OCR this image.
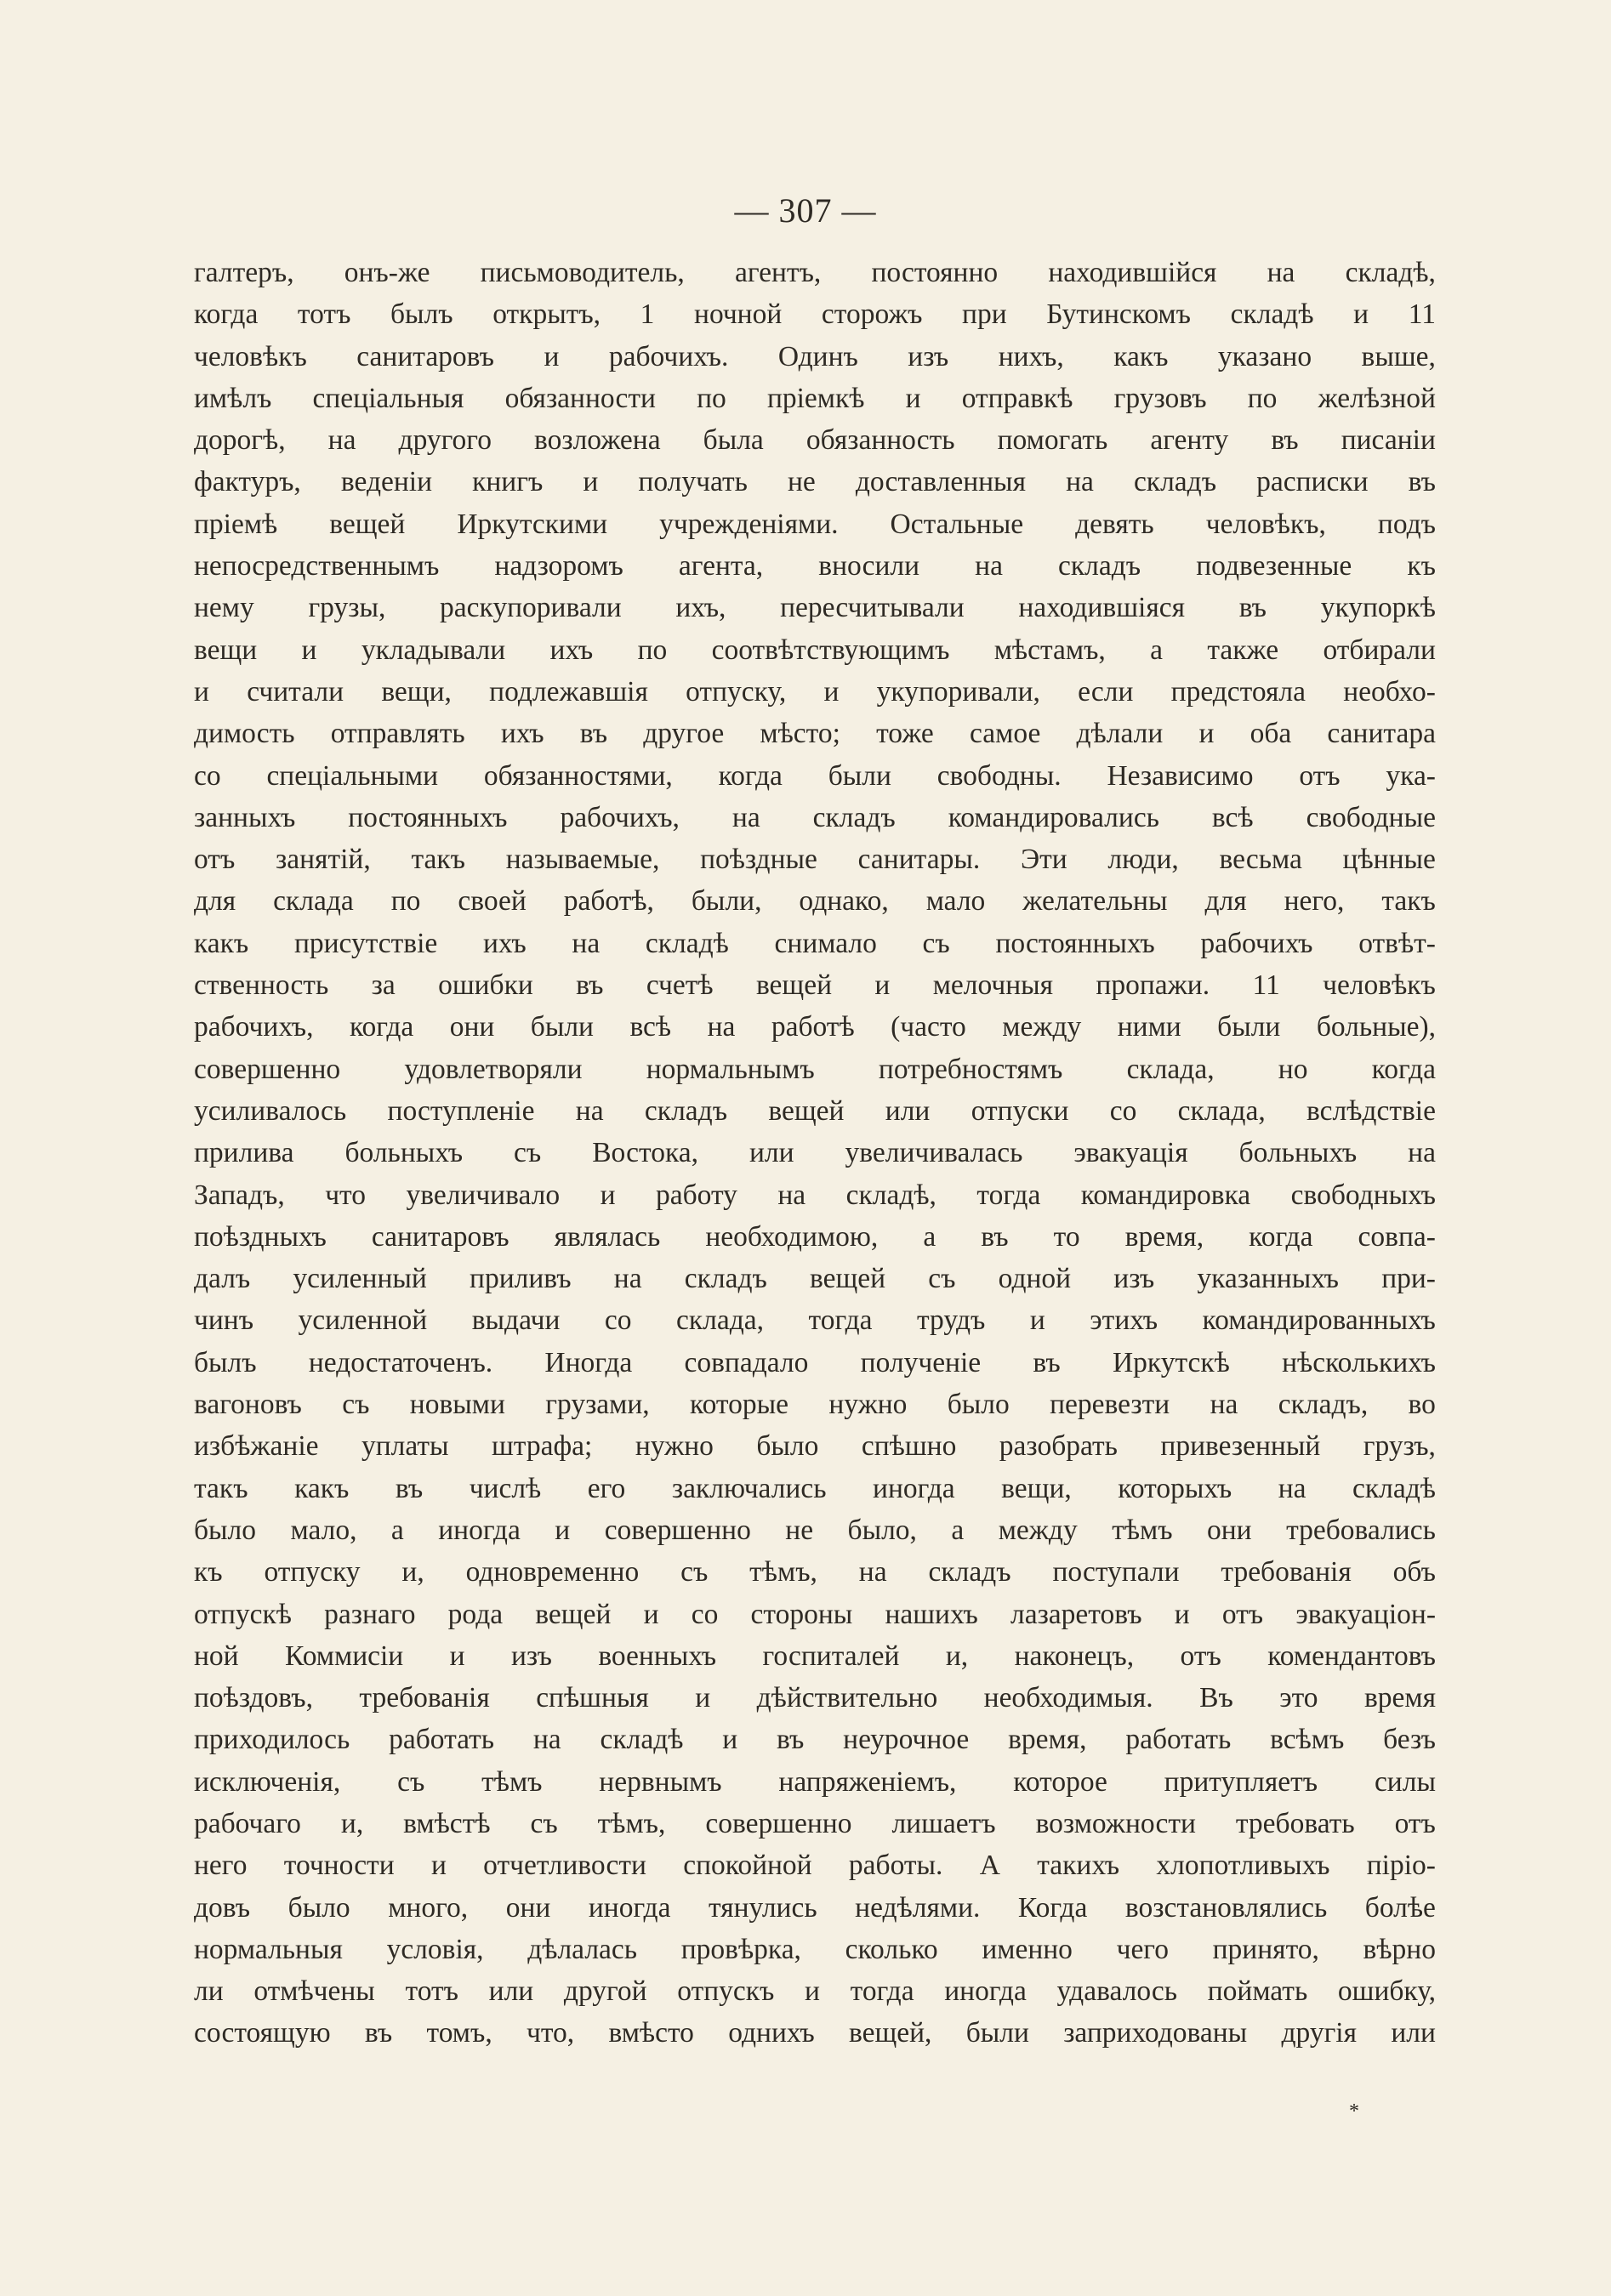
— 307 —
галтеръ, онъ-же письмоводитель, агентъ, постоянно находившійся на складѣ,
когда тотъ былъ открытъ, 1 ночной сторожъ при Бутинскомъ складѣ и 11
человѣкъ санитаровъ и рабочихъ. Одинъ изъ нихъ, какъ указано выше,
имѣлъ спеціальныя обязанности по пріемкѣ и отправкѣ грузовъ по желѣзной
дорогѣ, на другого возложена была обязанность помогать агенту въ писаніи
фактуръ, веденіи книгъ и получать не доставленныя на складъ расписки въ
пріемѣ вещей Иркутскими учрежденіями. Остальные девять человѣкъ, подъ
непосредственнымъ надзоромъ агента, вносили на складъ подвезенные къ
нему грузы, раскупоривали ихъ, пересчитывали находившіяся въ укупоркѣ
вещи и укладывали ихъ по соотвѣтствующимъ мѣстамъ, а также отбирали
и считали вещи, подлежавшія отпуску, и укупоривали, если предстояла необхо-
димость отправлять ихъ въ другое мѣсто; тоже самое дѣлали и оба санитара
со спеціальными обязанностями, когда были свободны. Независимо отъ ука-
занныхъ постоянныхъ рабочихъ, на складъ командировались всѣ свободные
отъ занятій, такъ называемые, поѣздные санитары. Эти люди, весьма цѣнные
для склада по своей работѣ, были, однако, мало желательны для него, такъ
какъ присутствіе ихъ на складѣ снимало съ постоянныхъ рабочихъ отвѣт-
ственность за ошибки въ счетѣ вещей и мелочныя пропажи. 11 человѣкъ
рабочихъ, когда они были всѣ на работѣ (часто между ними были больные),
совершенно удовлетворяли нормальнымъ потребностямъ склада, но когда
усиливалось поступленіе на складъ вещей или отпуски со склада, вслѣдствіе
прилива больныхъ съ Востока, или увеличивалась эвакуація больныхъ на
Западъ, что увеличивало и работу на складѣ, тогда командировка свободныхъ
поѣздныхъ санитаровъ являлась необходимою, а въ то время, когда совпа-
далъ усиленный приливъ на складъ вещей съ одной изъ указанныхъ при-
чинъ усиленной выдачи со склада, тогда трудъ и этихъ командированныхъ
былъ недостаточенъ. Иногда совпадало полученіе въ Иркутскѣ нѣсколькихъ
вагоновъ съ новыми грузами, которые нужно было перевезти на складъ, во
избѣжаніе уплаты штрафа; нужно было спѣшно разобрать привезенный грузъ,
такъ какъ въ числѣ его заключались иногда вещи, которыхъ на складѣ
было мало, а иногда и совершенно не было, а между тѣмъ они требовались
къ отпуску и, одновременно съ тѣмъ, на складъ поступали требованія объ
отпускѣ разнаго рода вещей и со стороны нашихъ лазаретовъ и отъ эвакуаціон-
ной Коммисіи и изъ военныхъ госпиталей и, наконецъ, отъ комендантовъ
поѣздовъ, требованія спѣшныя и дѣйствительно необходимыя. Въ это время
приходилось работать на складѣ и въ неурочное время, работать всѣмъ безъ
исключенія, съ тѣмъ нервнымъ напряженіемъ, которое притупляетъ силы
рабочаго и, вмѣстѣ съ тѣмъ, совершенно лишаетъ возможности требовать отъ
него точности и отчетливости спокойной работы. А такихъ хлопотливыхъ піріо-
довъ было много, они иногда тянулись недѣлями. Когда возстановлялись болѣе
нормальныя условія, дѣлалась провѣрка, сколько именно чего принято, вѣрно
ли отмѣчены тотъ или другой отпускъ и тогда иногда удавалось поймать ошибку,
состоящую въ томъ, что, вмѣсто однихъ вещей, были заприходованы другія или
*
